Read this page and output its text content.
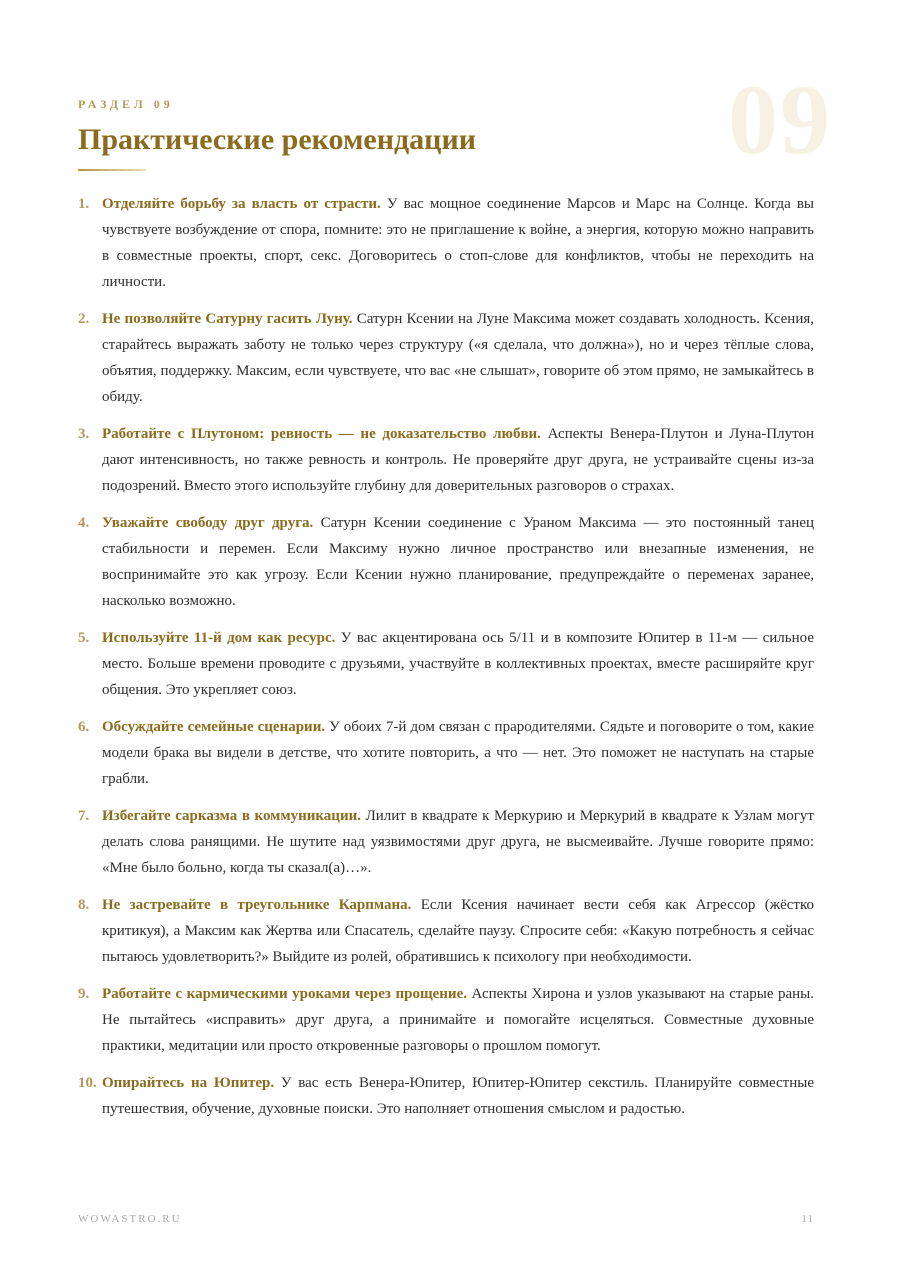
09
РАЗДЕЛ 09
Практические рекомендации
1. Отделяйте борьбу за власть от страсти. У вас мощное соединение Марсов и Марс на Солнце. Когда вы чувствуете возбуждение от спора, помните: это не приглашение к войне, а энергия, которую можно направить в совместные проекты, спорт, секс. Договоритесь о стоп-слове для конфликтов, чтобы не переходить на личности.
2. Не позволяйте Сатурну гасить Луну. Сатурн Ксении на Луне Максима может создавать холодность. Ксения, старайтесь выражать заботу не только через структуру («я сделала, что должна»), но и через тёплые слова, объятия, поддержку. Максим, если чувствуете, что вас «не слышат», говорите об этом прямо, не замыкайтесь в обиду.
3. Работайте с Плутоном: ревность — не доказательство любви. Аспекты Венера-Плутон и Луна-Плутон дают интенсивность, но также ревность и контроль. Не проверяйте друг друга, не устраивайте сцены из-за подозрений. Вместо этого используйте глубину для доверительных разговоров о страхах.
4. Уважайте свободу друг друга. Сатурн Ксении соединение с Ураном Максима — это постоянный танец стабильности и перемен. Если Максиму нужно личное пространство или внезапные изменения, не воспринимайте это как угрозу. Если Ксении нужно планирование, предупреждайте о переменах заранее, насколько возможно.
5. Используйте 11-й дом как ресурс. У вас акцентирована ось 5/11 и в композите Юпитер в 11-м — сильное место. Больше времени проводите с друзьями, участвуйте в коллективных проектах, вместе расширяйте круг общения. Это укрепляет союз.
6. Обсуждайте семейные сценарии. У обоих 7-й дом связан с прародителями. Сядьте и поговорите о том, какие модели брака вы видели в детстве, что хотите повторить, а что — нет. Это поможет не наступать на старые грабли.
7. Избегайте сарказма в коммуникации. Лилит в квадрате к Меркурию и Меркурий в квадрате к Узлам могут делать слова ранящими. Не шутите над уязвимостями друг друга, не высмеивайте. Лучше говорите прямо: «Мне было больно, когда ты сказал(а)…».
8. Не застревайте в треугольнике Карпмана. Если Ксения начинает вести себя как Агрессор (жёстко критикуя), а Максим как Жертва или Спасатель, сделайте паузу. Спросите себя: «Какую потребность я сейчас пытаюсь удовлетворить?» Выйдите из ролей, обратившись к психологу при необходимости.
9. Работайте с кармическими уроками через прощение. Аспекты Хирона и узлов указывают на старые раны. Не пытайтесь «исправить» друг друга, а принимайте и помогайте исцеляться. Совместные духовные практики, медитации или просто откровенные разговоры о прошлом помогут.
10. Опирайтесь на Юпитер. У вас есть Венера-Юпитер, Юпитер-Юпитер секстиль. Планируйте совместные путешествия, обучение, духовные поиски. Это наполняет отношения смыслом и радостью.
WOWASTRO.RU	11
